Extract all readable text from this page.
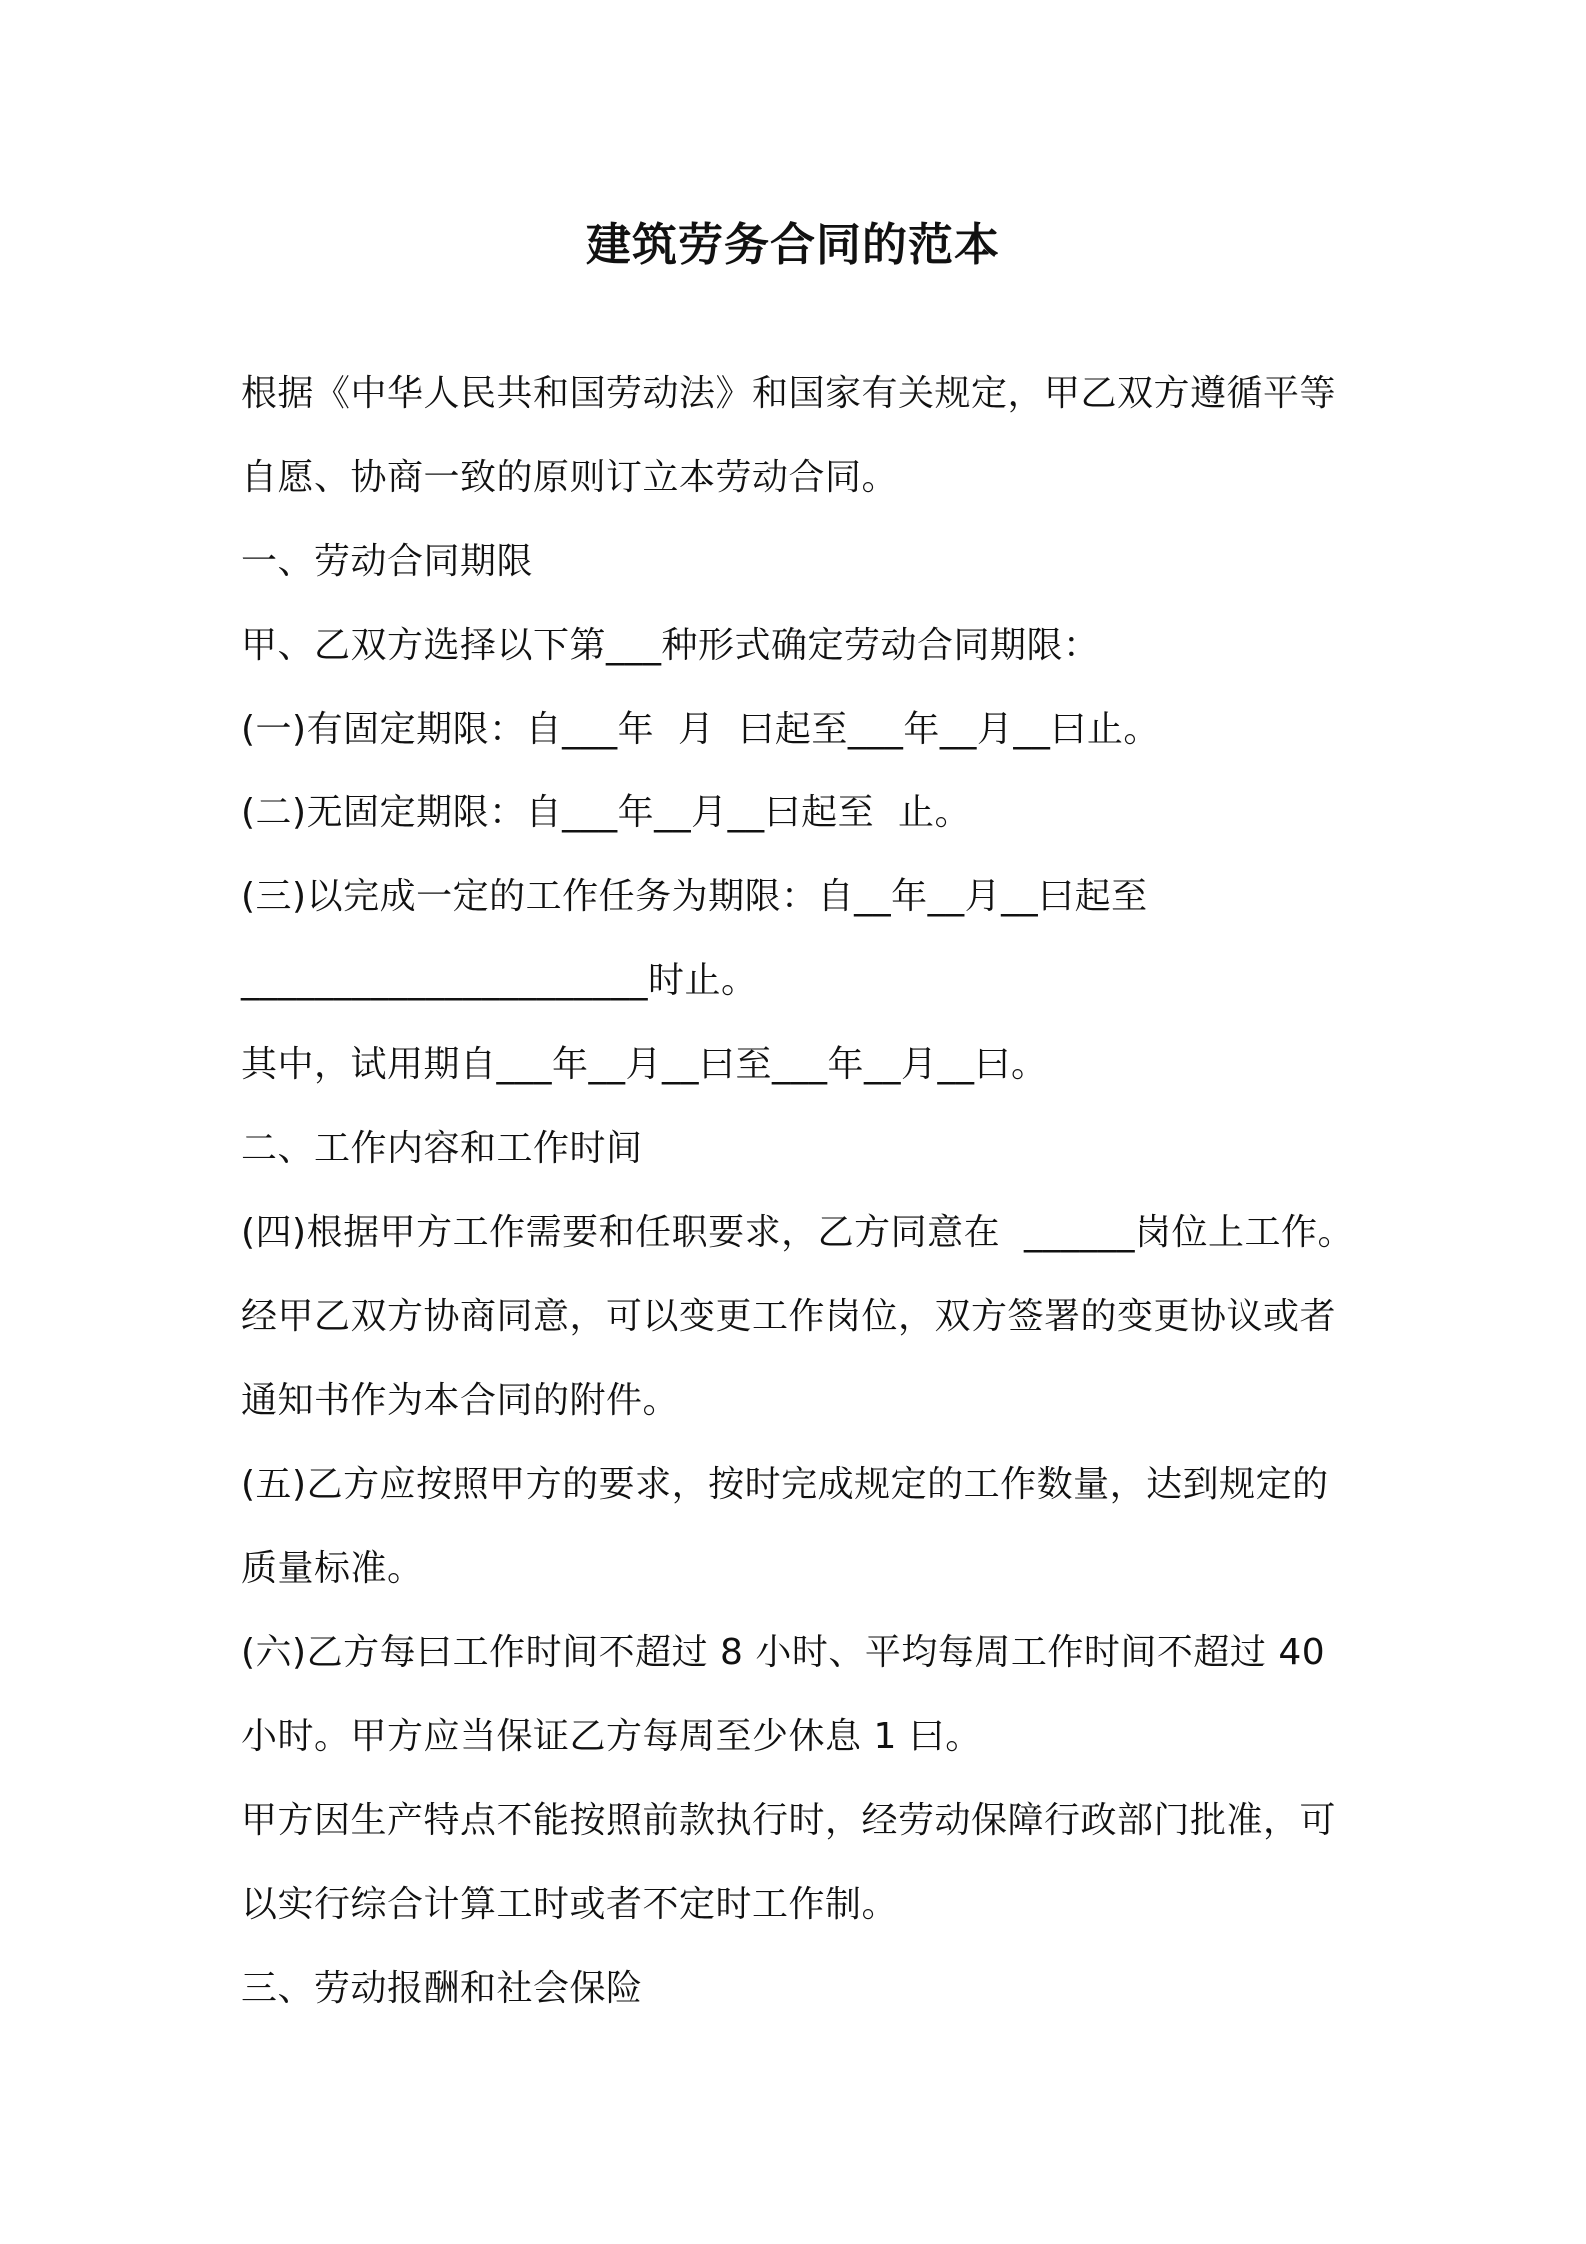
建筑劳务合同的范本
根据《中华人民共和国劳动法》和国家有关规定，甲乙双方遵循平等
自愿、协商一致的原则订立本劳动合同。
一、劳动合同期限
甲、乙双方选择以下第___种形式确定劳动合同期限：
(一)有固定期限：自___年  月  曰起至___年__月__曰止。
(二)无固定期限：自___年__月__曰起至  止。
(三)以完成一定的工作任务为期限：自__年__月__曰起至
______________________时止。
其中，试用期自___年__月__曰至___年__月__曰。
二、工作内容和工作时间
(四)根据甲方工作需要和任职要求，乙方同意在  ______岗位上工作。
经甲乙双方协商同意，可以变更工作岗位，双方签署的变更协议或者
通知书作为本合同的附件。
(五)乙方应按照甲方的要求，按时完成规定的工作数量，达到规定的
质量标准。
(六)乙方每曰工作时间不超过 8 小时、平均每周工作时间不超过 40
小时。甲方应当保证乙方每周至少休息 1 曰。
甲方因生产特点不能按照前款执行时，经劳动保障行政部门批准，可
以实行综合计算工时或者不定时工作制。
三、劳动报酬和社会保险
